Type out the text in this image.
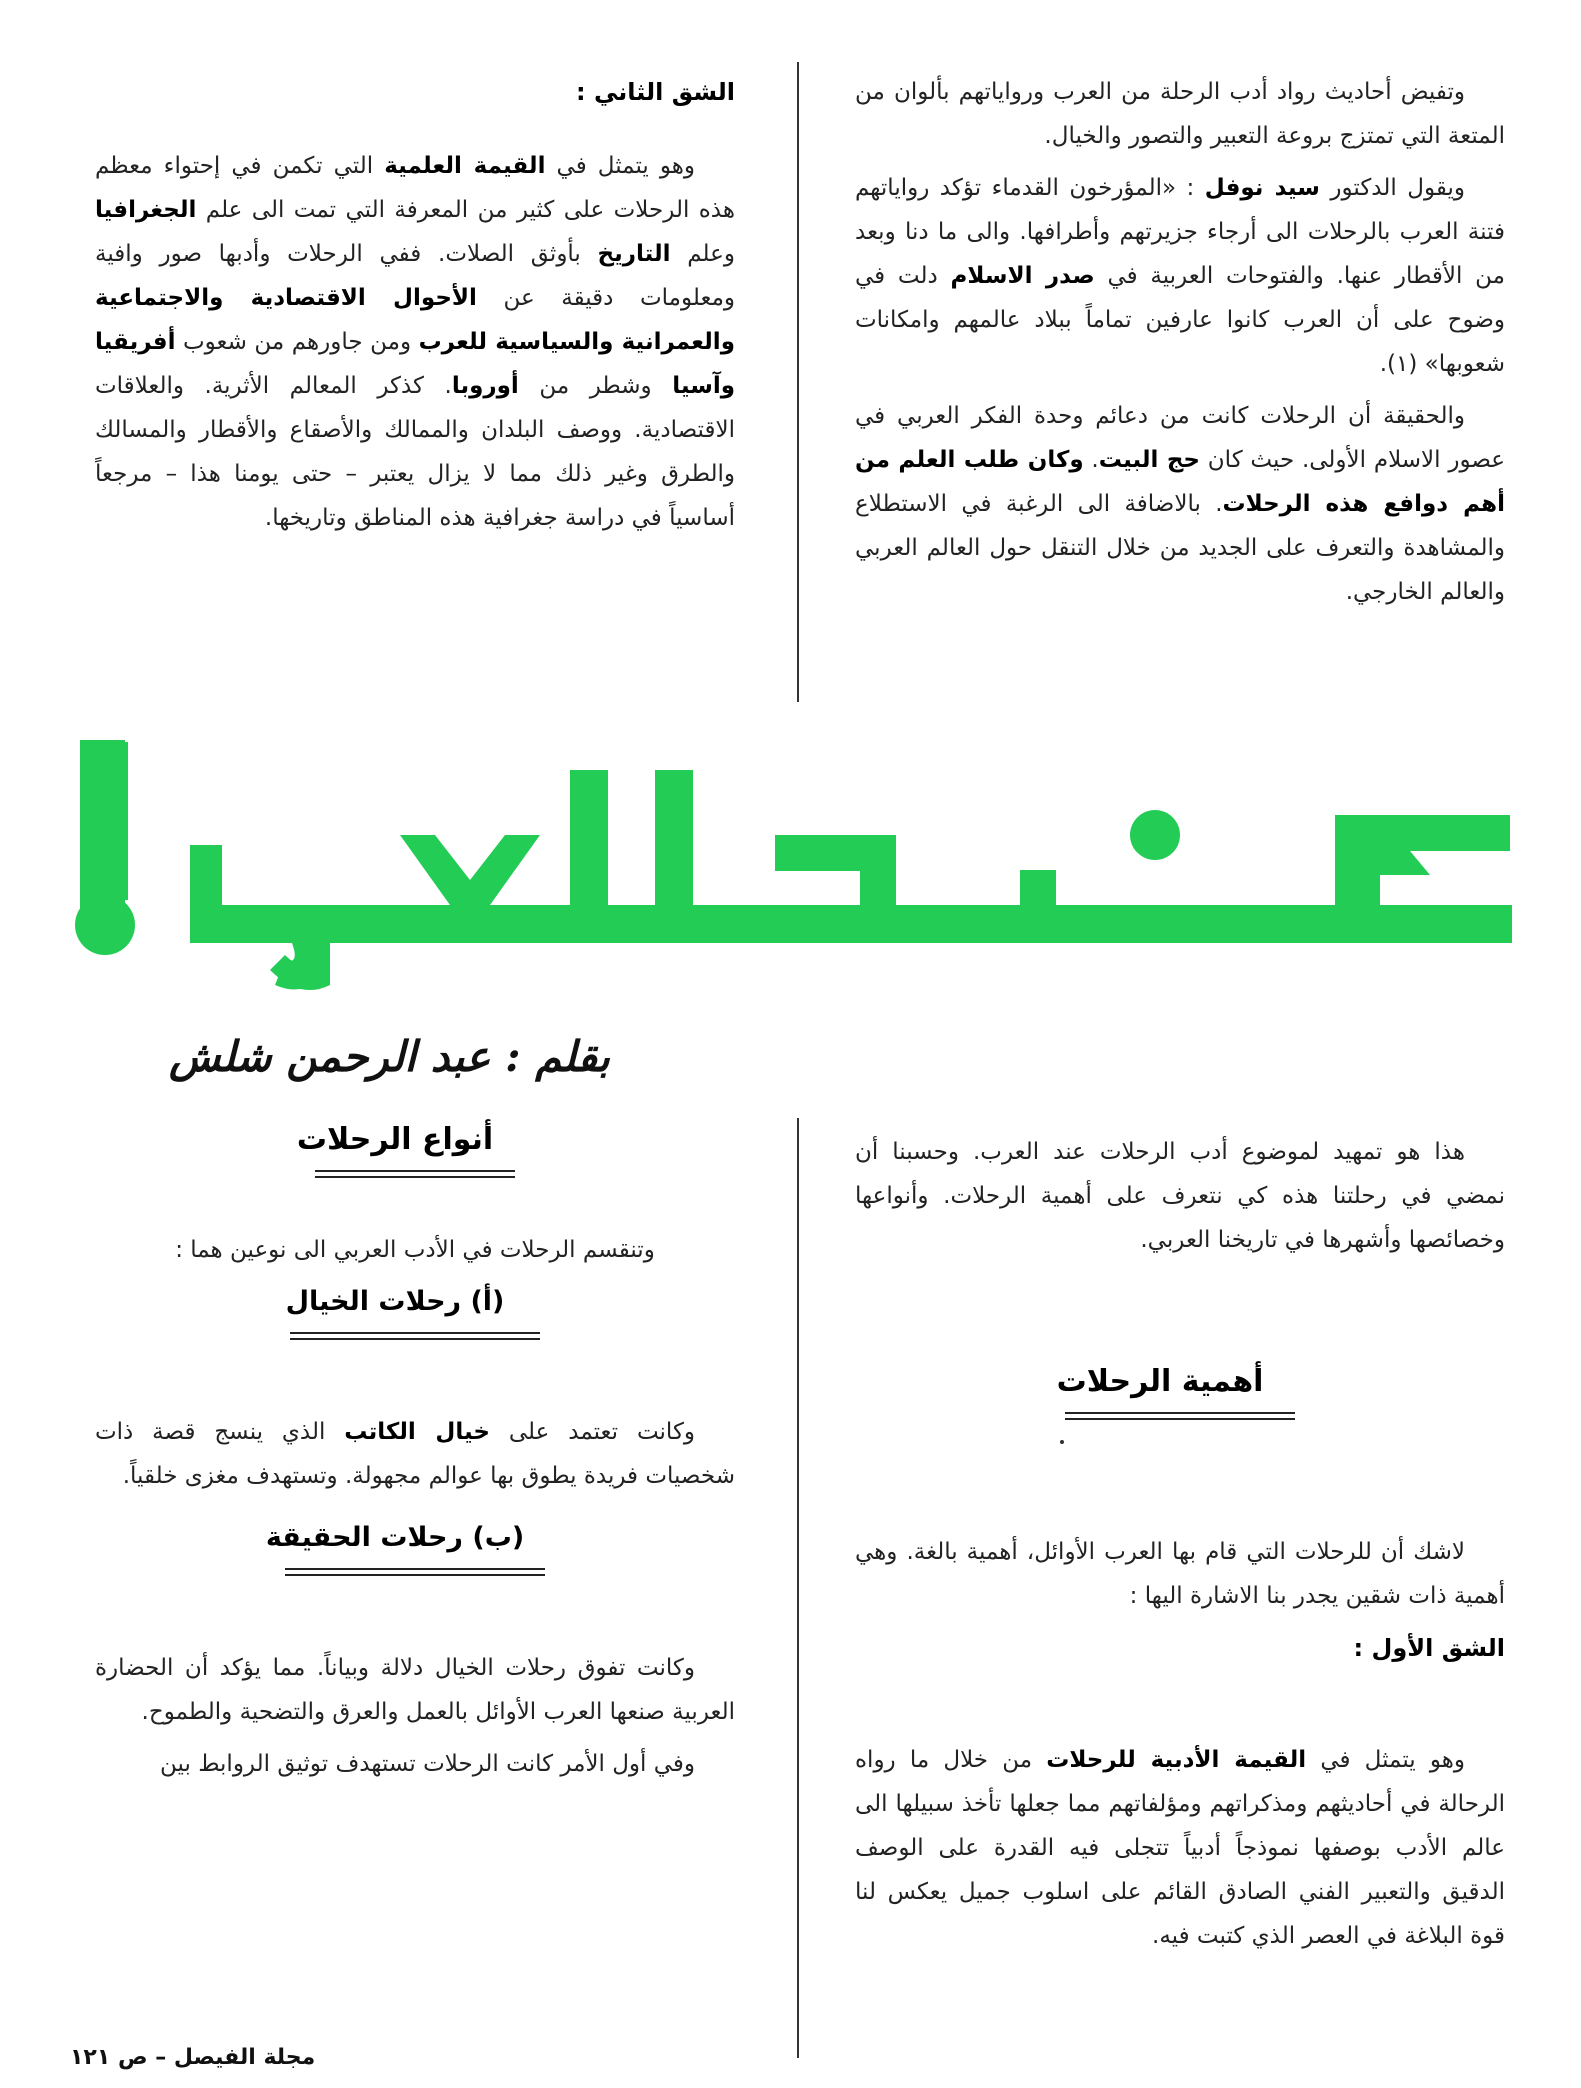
وتفيض أحاديث رواد أدب الرحلة من العرب ورواياتهم بألوان من المتعة التي تمتزج بروعة التعبير والتصور والخيال.

ويقول الدكتور سيد نوفل : «المؤرخون القدماء تؤكد رواياتهم فتنة العرب بالرحلات الى أرجاء جزيرتهم وأطرافها. والى ما دنا وبعد من الأقطار عنها. والفتوحات العربية في صدر الاسلام دلت في وضوح على أن العرب كانوا عارفين تماماً ببلاد عالمهم وامكانات شعوبها» (١).

والحقيقة أن الرحلات كانت من دعائم وحدة الفكر العربي في عصور الاسلام الأولى. حيث كان حج البيت. وكان طلب العلم من أهم دوافع هذه الرحلات. بالاضافة الى الرغبة في الاستطلاع والمشاهدة والتعرف على الجديد من خلال التنقل حول العالم العربي والعالم الخارجي.

الشق الثاني :

وهو يتمثل في القيمة العلمية التي تكمن في إحتواء معظم هذه الرحلات على كثير من المعرفة التي تمت الى علم الجغرافيا وعلم التاريخ بأوثق الصلات. ففي الرحلات وأدبها صور وافية ومعلومات دقيقة عن الأحوال الاقتصادية والاجتماعية والعمرانية والسياسية للعرب ومن جاورهم من شعوب أفريقيا وآسيا وشطر من أوروبا. كذكر المعالم الأثرية. والعلاقات الاقتصادية. ووصف البلدان والممالك والأصقاع والأقطار والمسالك والطرق وغير ذلك مما لا يزال يعتبر – حتى يومنا هذا – مرجعاً أساسياً في دراسة جغرافية هذه المناطق وتاريخها.

بقلم : عبد الرحمن شلش

هذا هو تمهيد لموضوع أدب الرحلات عند العرب. وحسبنا أن نمضي في رحلتنا هذه كي نتعرف على أهمية الرحلات. وأنواعها وخصائصها وأشهرها في تاريخنا العربي.

أهمية الرحلات

لاشك أن للرحلات التي قام بها العرب الأوائل، أهمية بالغة. وهي أهمية ذات شقين يجدر بنا الاشارة اليها :

الشق الأول :

وهو يتمثل في القيمة الأدبية للرحلات من خلال ما رواه الرحالة في أحاديثهم ومذكراتهم ومؤلفاتهم مما جعلها تأخذ سبيلها الى عالم الأدب بوصفها نموذجاً أدبياً تتجلى فيه القدرة على الوصف الدقيق والتعبير الفني الصادق القائم على اسلوب جميل يعكس لنا قوة البلاغة في العصر الذي كتبت فيه.

أنواع الرحلات

وتنقسم الرحلات في الأدب العربي الى نوعين هما :

(أ) رحلات الخيال

وكانت تعتمد على خيال الكاتب الذي ينسج قصة ذات شخصيات فريدة يطوق بها عوالم مجهولة. وتستهدف مغزى خلقياً.

(ب) رحلات الحقيقة

وكانت تفوق رحلات الخيال دلالة وبياناً. مما يؤكد أن الحضارة العربية صنعها العرب الأوائل بالعمل والعرق والتضحية والطموح.

وفي أول الأمر كانت الرحلات تستهدف توثيق الروابط بين

مجلة الفيصل – ص ١٢١
